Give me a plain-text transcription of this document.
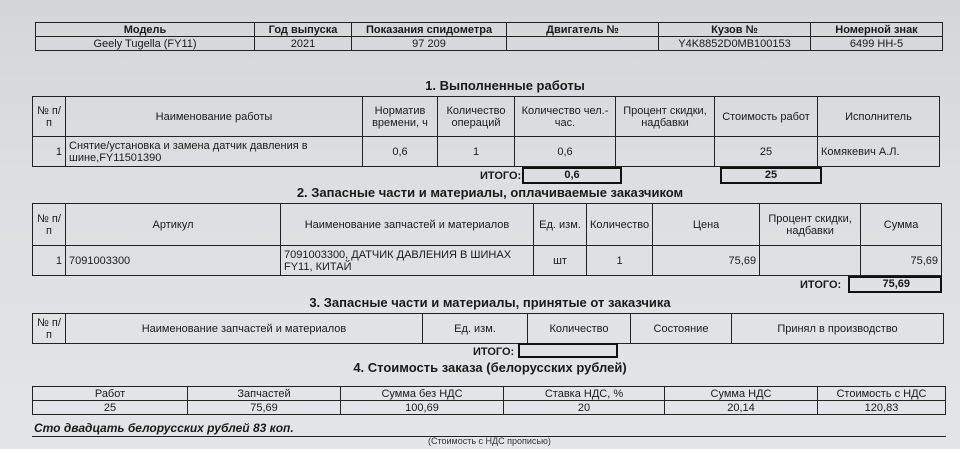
Модель	Год выпуска	Показания спидометра	Двигатель №	Кузов №	Номерной знак
Geely Tugella (FY11)	2021	97 209		Y4K8852D0MB100153	6499 HH-5
1. Выполненные работы
№ п/п	Наименование работы	Норматив времени, ч	Количество операций	Количество чел.-час.	Процент скидки, надбавки	Стоимость работ	Исполнитель
1	Снятие/установка и замена датчик давления в шине,FY11501390	0,6	1	0,6		25	Комякевич А.Л.
ИТОГО:	0,6	25
2. Запасные части и материалы, оплачиваемые заказчиком
№ п/п	Артикул	Наименование запчастей и материалов	Ед. изм.	Количество	Цена	Процент скидки, надбавки	Сумма
1	7091003300	7091003300, ДАТЧИК ДАВЛЕНИЯ В ШИНАХ FY11, КИТАЙ	шт	1	75,69		75,69
ИТОГО:	75,69
3. Запасные части и материалы, принятые от заказчика
№ п/п	Наименование запчастей и материалов	Ед. изм.	Количество	Состояние	Принял в производство
ИТОГО:
4. Стоимость заказа (белорусских рублей)
Работ	Запчастей	Сумма без НДС	Ставка НДС, %	Сумма НДС	Стоимость с НДС
25	75,69	100,69	20	20,14	120,83
Сто двадцать белорусских рублей 83 коп.
(Стоимость с НДС прописью)
